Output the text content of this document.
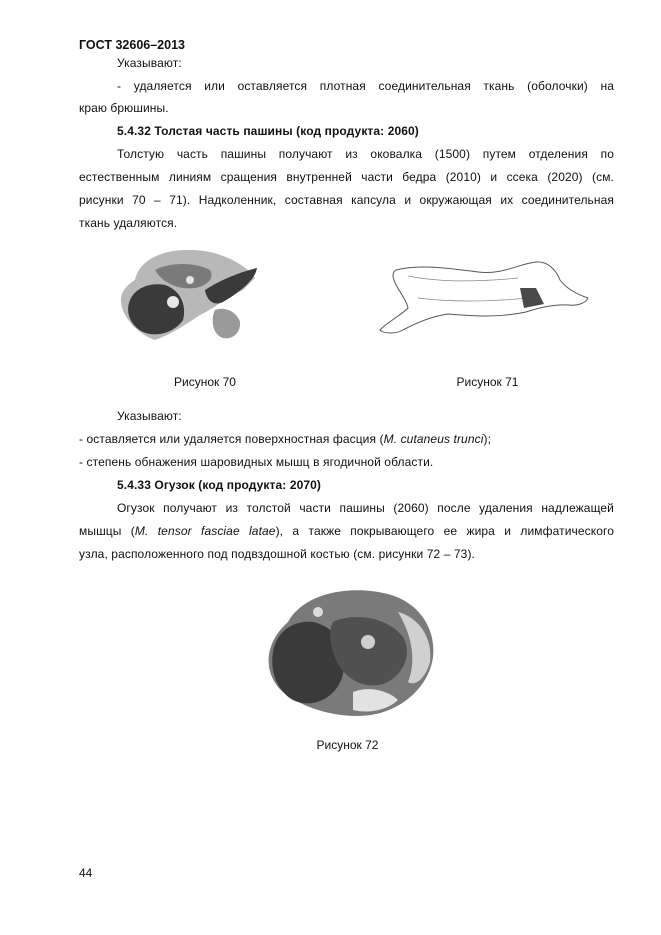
ГОСТ 32606–2013
Указывают:
- удаляется или оставляется плотная соединительная ткань (оболочки) на
краю брюшины.
5.4.32 Толстая часть пашины (код продукта: 2060)
Толстую часть пашины получают из оковалка (1500) путем отделения по
естественным линиям сращения внутренней части бедра (2010) и ссека (2020) (см.
рисунки 70 – 71). Надколенник, составная капсула и окружающая их соединительная
ткань удаляются.
Рисунок 70	Рисунок 71
Указывают:
- оставляется или удаляется поверхностная фасция (M. cutaneus trunci);
- степень обнажения шаровидных мышц в ягодичной области.
5.4.33 Огузок (код продукта: 2070)
Огузок получают из толстой части пашины (2060) после удаления надлежащей
мышцы (M. tensor fasciae latae), а также покрывающего ее жира и лимфатического
узла, расположенного под подвздошной костью (см. рисунки 72 – 73).
Рисунок 72
44
